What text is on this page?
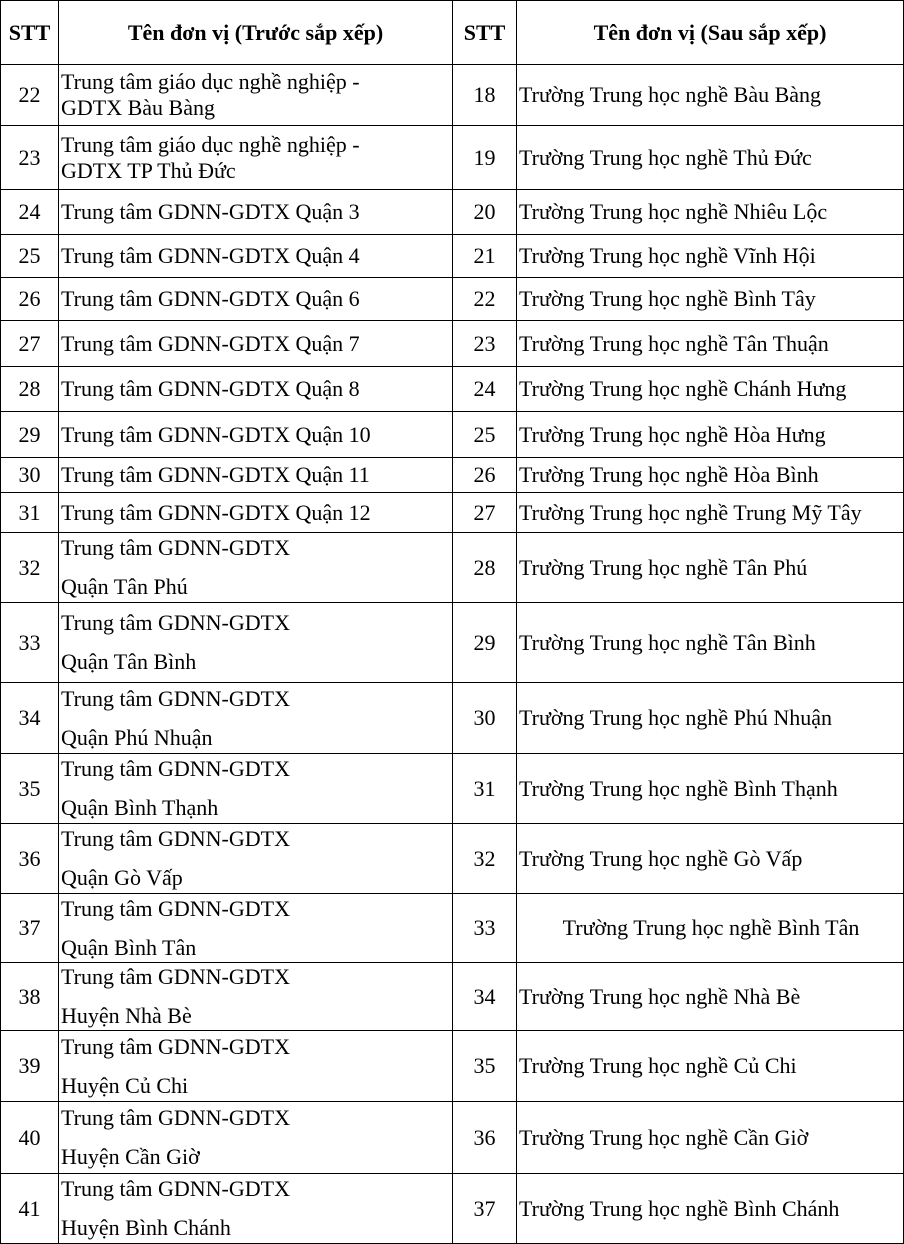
STT	Tên đơn vị (Trước sắp xếp)	STT	Tên đơn vị (Sau sắp xếp)
22	Trung tâm giáo dục nghề nghiệp -
GDTX Bàu Bàng	18	Trường Trung học nghề Bàu Bàng
23	Trung tâm giáo dục nghề nghiệp -
GDTX TP Thủ Đức	19	Trường Trung học nghề Thủ Đức
24	Trung tâm GDNN-GDTX Quận 3	20	Trường Trung học nghề Nhiêu Lộc
25	Trung tâm GDNN-GDTX Quận 4	21	Trường Trung học nghề Vĩnh Hội
26	Trung tâm GDNN-GDTX Quận 6	22	Trường Trung học nghề Bình Tây
27	Trung tâm GDNN-GDTX Quận 7	23	Trường Trung học nghề Tân Thuận
28	Trung tâm GDNN-GDTX Quận 8	24	Trường Trung học nghề Chánh Hưng
29	Trung tâm GDNN-GDTX Quận 10	25	Trường Trung học nghề Hòa Hưng
30	Trung tâm GDNN-GDTX Quận 11	26	Trường Trung học nghề Hòa Bình
31	Trung tâm GDNN-GDTX Quận 12	27	Trường Trung học nghề Trung Mỹ Tây
32	Trung tâm GDNN-GDTX
Quận Tân Phú	28	Trường Trung học nghề Tân Phú
33	Trung tâm GDNN-GDTX
Quận Tân Bình	29	Trường Trung học nghề Tân Bình
34	Trung tâm GDNN-GDTX
Quận Phú Nhuận	30	Trường Trung học nghề Phú Nhuận
35	Trung tâm GDNN-GDTX
Quận Bình Thạnh	31	Trường Trung học nghề Bình Thạnh
36	Trung tâm GDNN-GDTX
Quận Gò Vấp	32	Trường Trung học nghề Gò Vấp
37	Trung tâm GDNN-GDTX
Quận Bình Tân	33	Trường Trung học nghề Bình Tân
38	Trung tâm GDNN-GDTX
Huyện Nhà Bè	34	Trường Trung học nghề Nhà Bè
39	Trung tâm GDNN-GDTX
Huyện Củ Chi	35	Trường Trung học nghề Củ Chi
40	Trung tâm GDNN-GDTX
Huyện Cần Giờ	36	Trường Trung học nghề Cần Giờ
41	Trung tâm GDNN-GDTX
Huyện Bình Chánh	37	Trường Trung học nghề Bình Chánh
